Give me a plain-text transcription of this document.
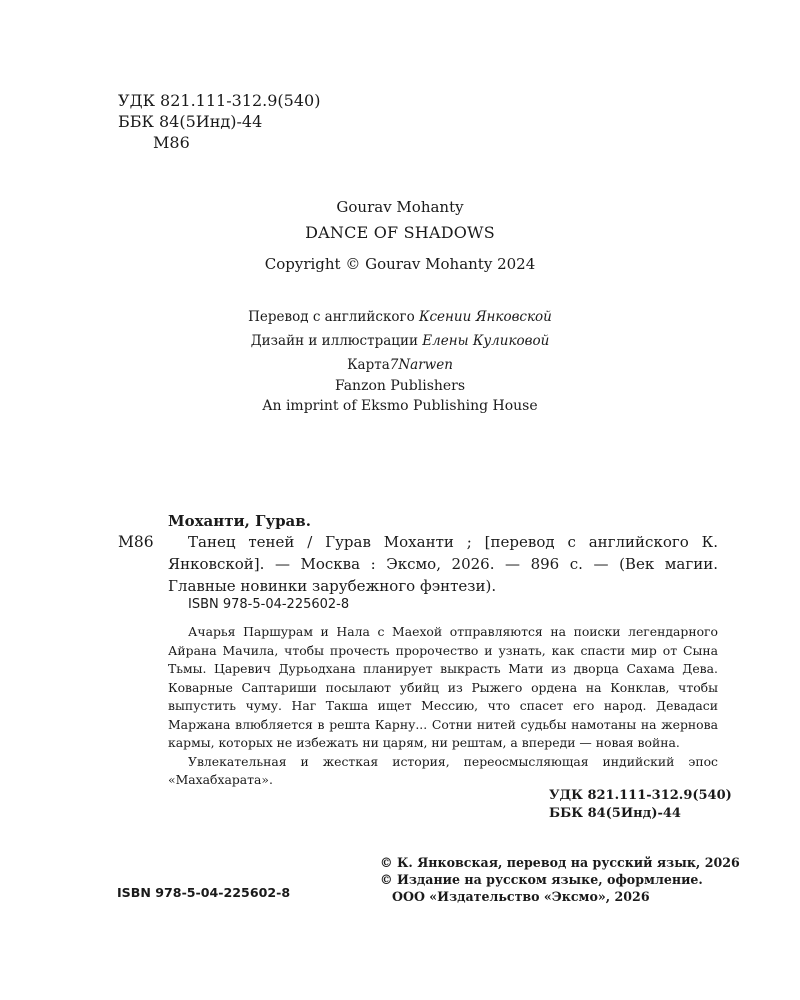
УДК 821.111-312.9(540)
ББК 84(5Инд)-44
М86
Gourav Mohanty
DANCE OF SHADOWS
Copyright © Gourav Mohanty 2024
Перевод с английского Ксении Янковской
Дизайн и иллюстрации Елены Куликовой
Карта7Narwen
Fanzon Publishers
An imprint of Eksmo Publishing House
Моханти, Гурав.
М86	Танец теней / Гурав Моханти ; [перевод с английского К. Янковской]. — Москва : Эксмо, 2026. — 896 с. — (Век магии. Главные новинки зарубежного фэнтези).
ISBN 978-5-04-225602-8

Ачарья Паршурам и Нала с Маехой отправляются на поиски легендарного Айрана Мачила, чтобы прочесть пророчество и узнать, как спасти мир от Сына Тьмы. Царевич Дурьодхана планирует выкрасть Мати из дворца Сахама Дева. Коварные Саптариши посылают убийц из Рыжего ордена на Конклав, чтобы выпустить чуму. Наг Такша ищет Мессию, что спасет его народ. Девадаси Маржана влюбляется в решта Карну... Сотни нитей судьбы намотаны на жернова кармы, которых не избежать ни царям, ни рештам, а впереди — новая война.

Увлекательная и жесткая история, переосмысляющая индийский эпос «Махабхарата».

УДК 821.111-312.9(540)
ББК 84(5Инд)-44
© К. Янковская, перевод на русский язык, 2026
© Издание на русском языке, оформление.
ООО «Издательство «Эксмо», 2026
ISBN 978-5-04-225602-8
